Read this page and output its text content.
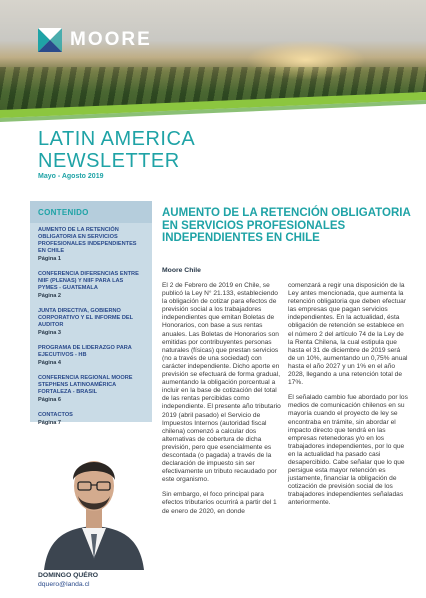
MOORE
LATIN AMERICA
NEWSLETTER
Mayo - Agosto 2019
CONTENIDO
AUMENTO DE LA RETENCIÓN OBLIGATORIA EN SERVICIOS PROFESIONALES INDEPENDIENTES EN CHILE
Página 1
CONFERENCIA DIFERENCIAS ENTRE NIIF (PLENAS) Y NIIF PARA LAS PYMES - GUATEMALA
Página 2
JUNTA DIRECTIVA, GOBIERNO CORPORATIVO Y EL INFORME DEL AUDITOR
Página 3
PROGRAMA DE LIDERAZGO PARA EJECUTIVOS - HB
Página 4
CONFERENCIA REGIONAL MOORE STEPHENS LATINOAMÉRICA FORTALEZA - BRASIL
Página 6
CONTACTOS
Página 7
DOMINGO QUÉRO
dquero@landa.cl
AUMENTO DE LA RETENCIÓN OBLIGATORIA EN SERVICIOS PROFESIONALES INDEPENDIENTES EN CHILE
Moore Chile

El 2 de Febrero de 2019 en Chile, se publicó la Ley N° 21.133, estableciendo la obligación de cotizar para efectos de previsión social a los trabajadores independientes que emitan Boletas de Honorarios, con base a sus rentas anuales. Las Boletas de Honorarios son emitidas por contribuyentes personas naturales (físicas) que prestan servicios (no a través de una sociedad) con carácter independiente. Dicho aporte en previsión se efectuará de forma gradual, aumentando la obligación porcentual a incluir en la base de cotización del total de las rentas percibidas como independiente. El presente año tributario 2019 (abril pasado) el Servicio de Impuestos Internos (autoridad fiscal chilena) comenzó a calcular dos alternativas de cobertura de dicha previsión, pero que esencialmente es descontada (o pagada) a través de la declaración de impuesto sin ser efectivamente un tributo recaudado por este organismo.

Sin embargo, el foco principal para efectos tributarios ocurrirá a partir del 1 de enero de 2020, en donde

comenzará a regir una disposición de la Ley antes mencionada, que aumenta la retención obligatoria que deben efectuar las empresas que pagan servicios independientes. En la actualidad, ésta obligación de retención se establece en el número 2 del artículo 74 de la Ley de la Renta Chilena, la cual estipula que hasta el 31 de diciembre de 2019 será de un 10%, aumentando un 0,75% anual hasta el año 2027 y un 1% en el año 2028, llegando a una retención total de 17%.

El señalado cambio fue abordado por los medios de comunicación chilenos en su mayoría cuando el proyecto de ley se encontraba en trámite, sin abordar el impacto directo que tendrá en las empresas retenedoras y/o en los trabajadores independientes, por lo que en la actualidad ha pasado casi desapercibido. Cabe señalar que lo que persigue esta mayor retención es justamente, financiar la obligación de cotización de previsión social de los trabajadores independientes señaladas anteriormente.
